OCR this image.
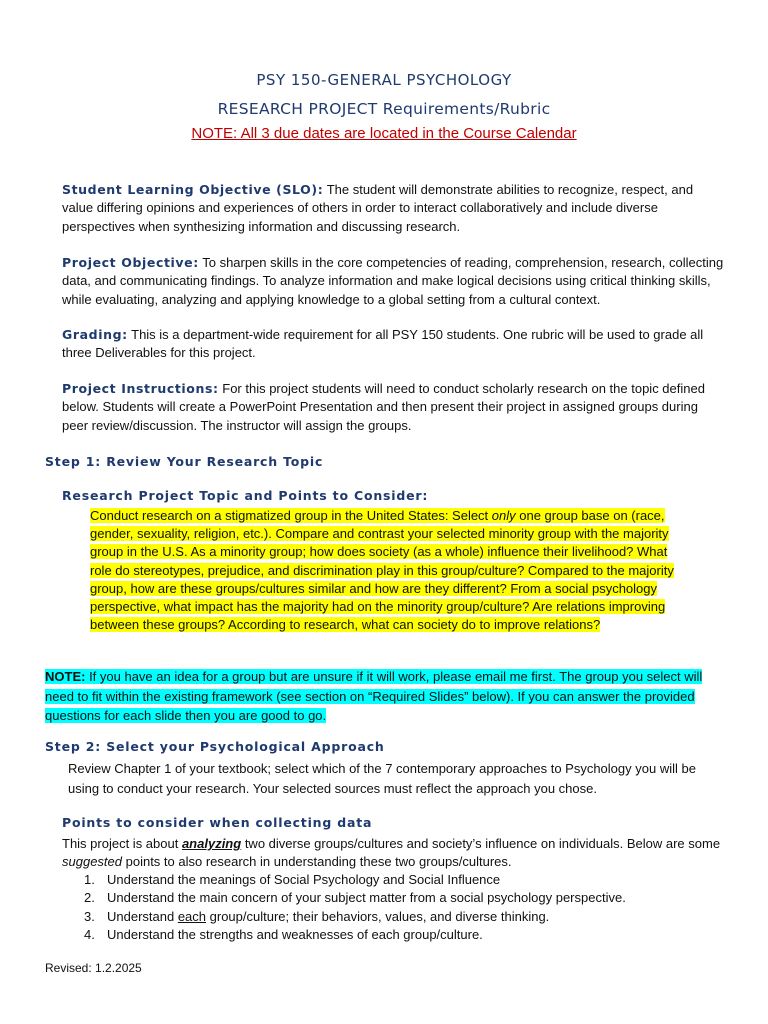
PSY 150-GENERAL PSYCHOLOGY
RESEARCH PROJECT Requirements/Rubric
NOTE: All 3 due dates are located in the Course Calendar
Student Learning Objective (SLO): The student will demonstrate abilities to recognize, respect, and value differing opinions and experiences of others in order to interact collaboratively and include diverse perspectives when synthesizing information and discussing research.
Project Objective: To sharpen skills in the core competencies of reading, comprehension, research, collecting data, and communicating findings. To analyze information and make logical decisions using critical thinking skills, while evaluating, analyzing and applying knowledge to a global setting from a cultural context.
Grading: This is a department-wide requirement for all PSY 150 students. One rubric will be used to grade all three Deliverables for this project.
Project Instructions: For this project students will need to conduct scholarly research on the topic defined below. Students will create a PowerPoint Presentation and then present their project in assigned groups during peer review/discussion. The instructor will assign the groups.
Step 1: Review Your Research Topic
Research Project Topic and Points to Consider:
Conduct research on a stigmatized group in the United States: Select only one group base on (race, gender, sexuality, religion, etc.). Compare and contrast your selected minority group with the majority group in the U.S. As a minority group; how does society (as a whole) influence their livelihood? What role do stereotypes, prejudice, and discrimination play in this group/culture? Compared to the majority group, how are these groups/cultures similar and how are they different? From a social psychology perspective, what impact has the majority had on the minority group/culture? Are relations improving between these groups? According to research, what can society do to improve relations?
NOTE: If you have an idea for a group but are unsure if it will work, please email me first. The group you select will need to fit within the existing framework (see section on “Required Slides” below). If you can answer the provided questions for each slide then you are good to go.
Step 2: Select your Psychological Approach
Review Chapter 1 of your textbook; select which of the 7 contemporary approaches to Psychology you will be using to conduct your research. Your selected sources must reflect the approach you chose.
Points to consider when collecting data
This project is about analyzing two diverse groups/cultures and society’s influence on individuals. Below are some suggested points to also research in understanding these two groups/cultures.
1. Understand the meanings of Social Psychology and Social Influence
2. Understand the main concern of your subject matter from a social psychology perspective.
3. Understand each group/culture; their behaviors, values, and diverse thinking.
4. Understand the strengths and weaknesses of each group/culture.
Revised: 1.2.2025
